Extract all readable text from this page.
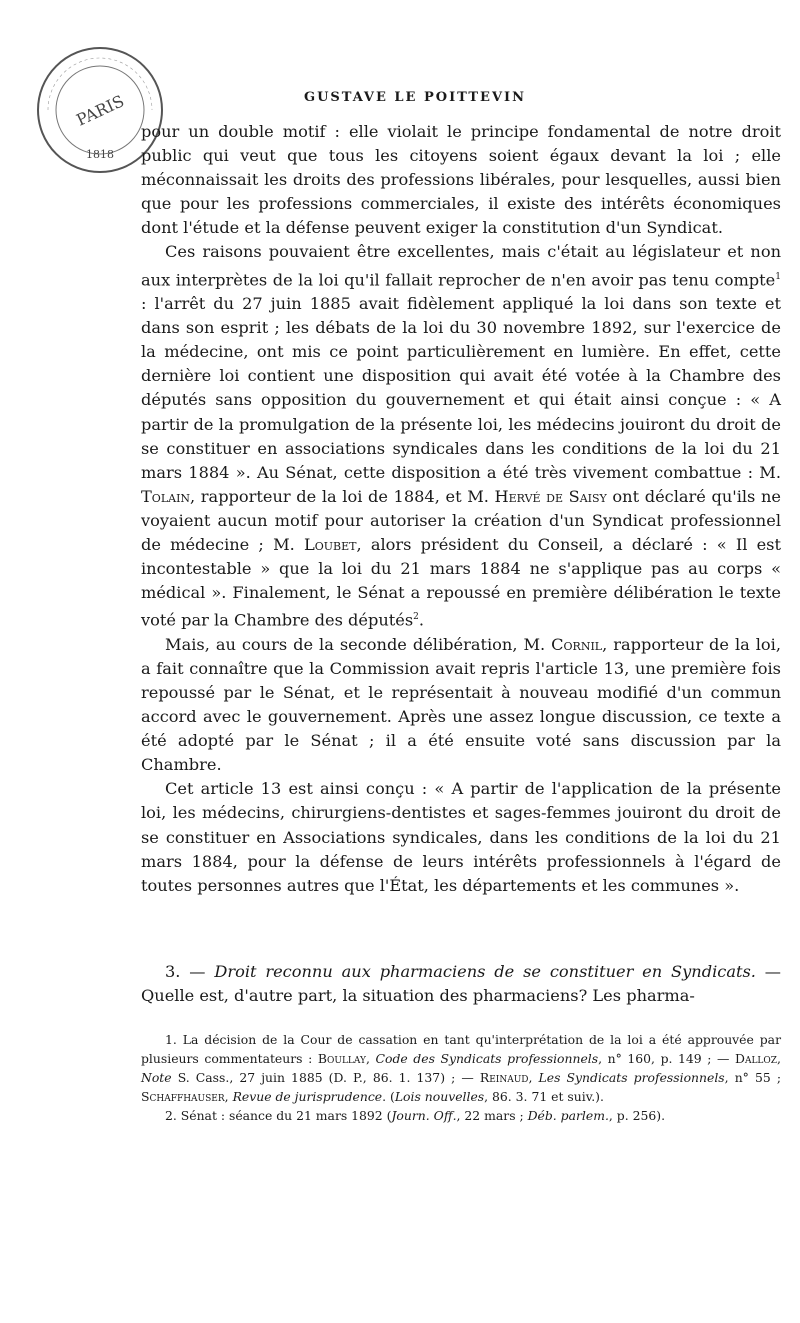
PARIS
1818
GUSTAVE LE POITTEVIN

pour un double motif : elle violait le principe fondamental de notre droit public qui veut que tous les citoyens soient égaux devant la loi ; elle méconnaissait les droits des professions libérales, pour lesquelles, aussi bien que pour les professions commerciales, il existe des intérêts économiques dont l'étude et la défense peuvent exiger la constitution d'un Syndicat.

Ces raisons pouvaient être excellentes, mais c'était au législateur et non aux interprètes de la loi qu'il fallait reprocher de n'en avoir pas tenu compte$^1$ : l'arrêt du 27 juin 1885 avait fidèlement appliqué la loi dans son texte et dans son esprit ; les débats de la loi du 30 novembre 1892, sur l'exercice de la médecine, ont mis ce point particulièrement en lumière. En effet, cette dernière loi contient une disposition qui avait été votée à la Chambre des députés sans opposition du gouvernement et qui était ainsi conçue : « A partir de la promulgation de la présente loi, les médecins jouiront du droit de se constituer en associations syndicales dans les conditions de la loi du 21 mars 1884 ». Au Sénat, cette disposition a été très vivement combattue : M. Tolain, rapporteur de la loi de 1884, et M. Hervé de Saisy ont déclaré qu'ils ne voyaient aucun motif pour autoriser la création d'un Syndicat professionnel de médecine ; M. Loubet, alors président du Conseil, a déclaré : « Il est incontestable » que la loi du 21 mars 1884 ne s'applique pas au corps « médical ». Finalement, le Sénat a repoussé en première délibération le texte voté par la Chambre des députés$^2$.

Mais, au cours de la seconde délibération, M. Cornil, rapporteur de la loi, a fait connaître que la Commission avait repris l'article 13, une première fois repoussé par le Sénat, et le représentait à nouveau modifié d'un commun accord avec le gouvernement. Après une assez longue discussion, ce texte a été adopté par le Sénat ; il a été ensuite voté sans discussion par la Chambre.

Cet article 13 est ainsi conçu : « A partir de l'application de la présente loi, les médecins, chirurgiens-dentistes et sages-femmes jouiront du droit de se constituer en Associations syndicales, dans les conditions de la loi du 21 mars 1884, pour la défense de leurs intérêts professionnels à l'égard de toutes personnes autres que l'État, les départements et les communes ».

3. — Droit reconnu aux pharmaciens de se constituer en Syndicats. — Quelle est, d'autre part, la situation des pharmaciens? Les pharma-

1. La décision de la Cour de cassation en tant qu'interprétation de la loi a été approuvée par plusieurs commentateurs : Boullay, Code des Syndicats professionnels, n° 160, p. 149 ; — Dalloz, Note S. Cass., 27 juin 1885 (D. P., 86. 1. 137) ; — Reinaud, Les Syndicats professionnels, n° 55 ; Schaffhauser, Revue de jurisprudence. (Lois nouvelles, 86. 3. 71 et suiv.).

2. Sénat : séance du 21 mars 1892 (Journ. Off., 22 mars ; Déb. parlem., p. 256).
